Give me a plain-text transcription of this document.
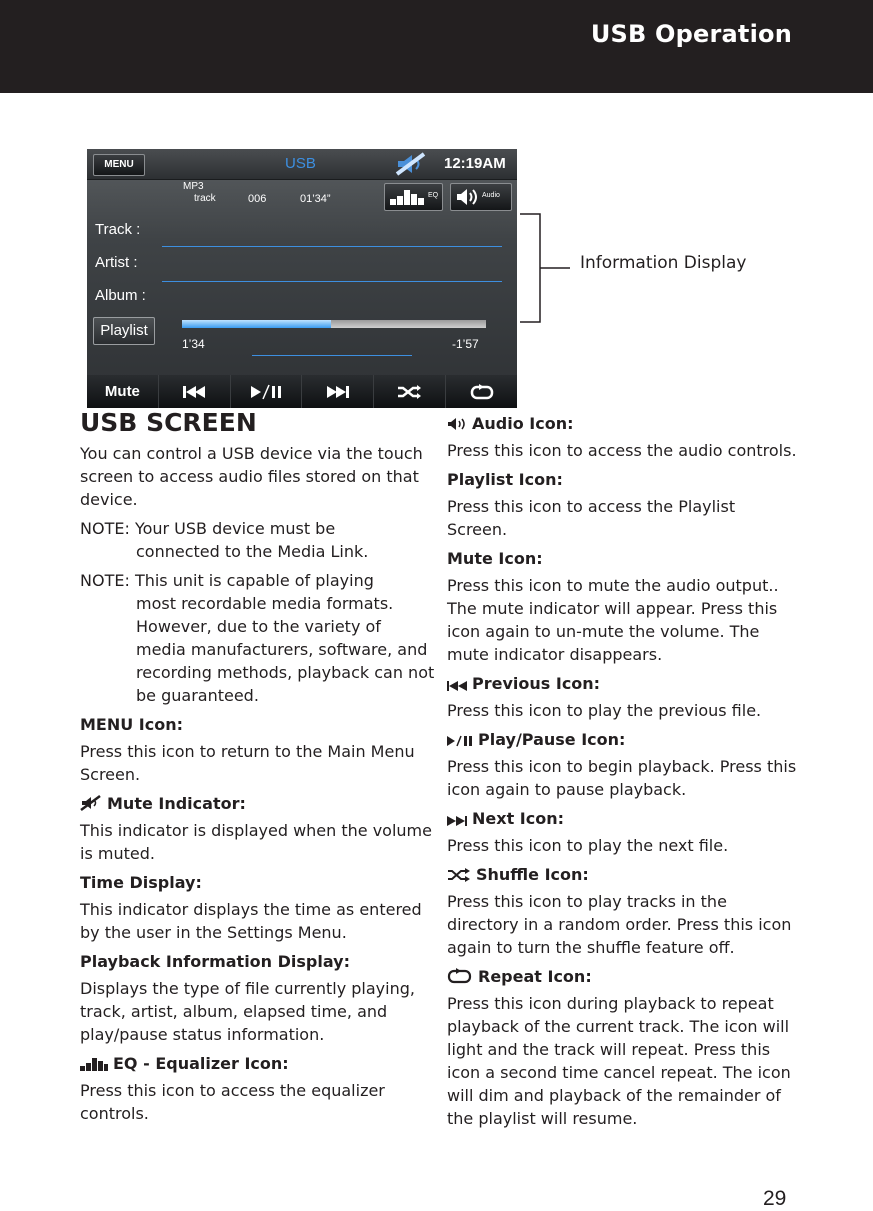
USB Operation
MENU	USB	12:19AM
MP3
track	006	01’34”	EQ	Audio
Track :
Artist :
Album :
Playlist
1’34	-1’57
Mute
Information Display
USB SCREEN

You can control a USB device via the touch screen to access audio files stored on that device.

NOTE: Your USB device must be
connected to the Media Link.
NOTE: This unit is capable of playing
most recordable media formats. However, due to the variety of media manufacturers, software, and recording methods, playback can not be guaranteed.
MENU Icon:

Press this icon to return to the Main Menu Screen.

Mute Indicator:

This indicator is displayed when the volume is muted.

Time Display:

This indicator displays the time as entered by the user in the Settings Menu.

Playback Information Display:

Displays the type of file currently playing, track, artist, album, elapsed time, and play/pause status information.

EQ - Equalizer Icon:

Press this icon to access the equalizer controls.

Audio Icon:

Press this icon to access the audio controls.

Playlist Icon:

Press this icon to access the Playlist Screen.

Mute Icon:

Press this icon to mute the audio output.. The mute indicator will appear. Press this icon again to un-mute the volume. The mute indicator disappears.

Previous Icon:

Press this icon to play the previous file.

Play/Pause Icon:

Press this icon to begin playback. Press this icon again to pause playback.

Next Icon:

Press this icon to play the next file.

Shuffle Icon:

Press this icon to play tracks in the directory in a random order. Press this icon again to turn the shuffle feature off.

Repeat Icon:

Press this icon during playback to repeat playback of the current track. The icon will light and the track will repeat. Press this icon a second time cancel repeat. The icon will dim and playback of the remainder of the playlist will resume.

29
